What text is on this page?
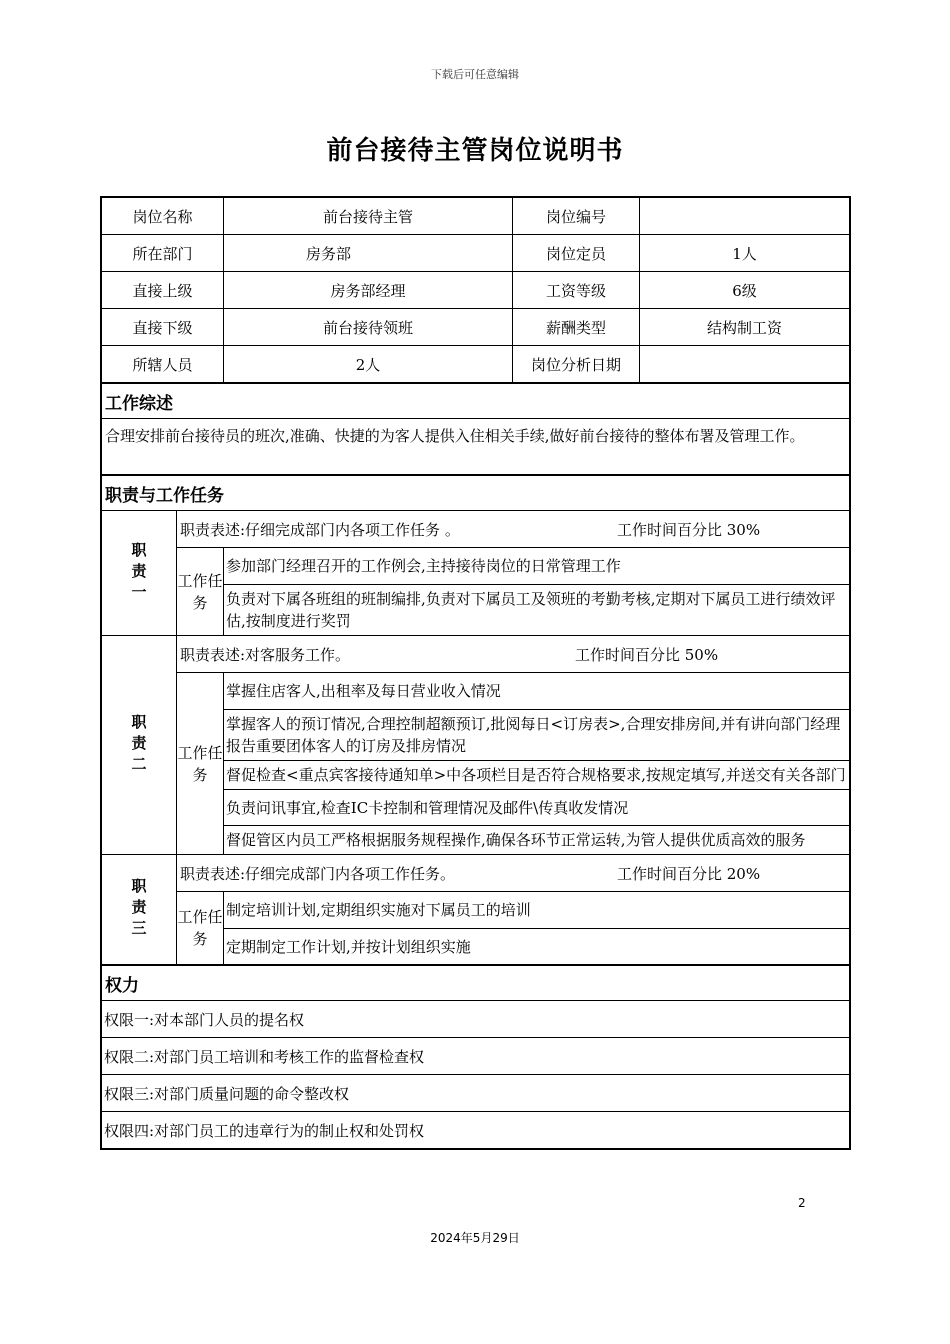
下载后可任意编辑
前台接待主管岗位说明书
岗位名称	前台接待主管	岗位编号
所在部门	房务部	岗位定员	1人
直接上级	房务部经理	工资等级	6级
直接下级	前台接待领班	薪酬类型	结构制工资
所辖人员	2人	岗位分析日期
工作综述
合理安排前台接待员的班次,准确、快捷的为客人提供入住相关手续,做好前台接待的整体布署及管理工作。
职责与工作任务
职责一
职责表述:仔细完成部门内各项工作任务 。	工作时间百分比 30%
工作任务
参加部门经理召开的工作例会,主持接待岗位的日常管理工作
负责对下属各班组的班制编排,负责对下属员工及领班的考勤考核,定期对下属员工进行绩效评估,按制度进行奖罚
职责二
职责表述:对客服务工作。	工作时间百分比 50%
工作任务
掌握住店客人,出租率及每日营业收入情况
掌握客人的预订情况,合理控制超额预订,批阅每日<订房表>,合理安排房间,并有讲向部门经理报告重要团体客人的订房及排房情况
督促检查<重点宾客接待通知单>中各项栏目是否符合规格要求,按规定填写,并送交有关各部门
负责问讯事宜,检查IC卡控制和管理情况及邮件\传真收发情况
督促管区内员工严格根据服务规程操作,确保各环节正常运转,为管人提供优质高效的服务
职责三
职责表述:仔细完成部门内各项工作任务。	工作时间百分比 20%
工作任务
制定培训计划,定期组织实施对下属员工的培训
定期制定工作计划,并按计划组织实施
权力
权限一:对本部门人员的提名权
权限二:对部门员工培训和考核工作的监督检查权
权限三:对部门质量问题的命令整改权
权限四:对部门员工的违章行为的制止权和处罚权
2
2024年5月29日
